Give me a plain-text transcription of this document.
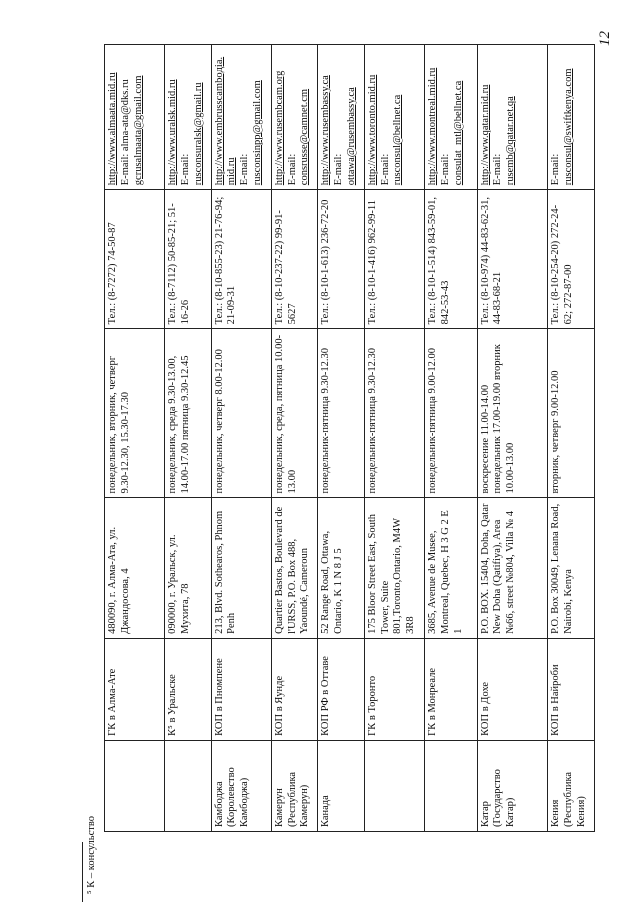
12
	ГК в Алма-Ате	480090, г. Алма-Ата, ул. Джандосова, 4	понедельник, вторник, четверг 9.30-12.30, 15.30-17.30	Тел.: (8-7272) 74-50-87	http://www.almaata.mid.ru E-mail: alma-ata@dks.ru gcrusalmaata@gmail.com

	К⁵ в Уральске	090000, г. Уральск, ул. Мухита, 78	понедельник, среда 9.30-13.00, 14.00-17.00 пятница 9.30-12.45	Тел.: (8-7112) 50-85-21; 51-16-26	http://www.uralsk.mid.ru E-mail: rusconsuralsk@gmail.ru

Камбоджа (Королевство Камбоджа)	КОП в Пномпене	213, Blvd. Sothearos, Phnom Penh	понедельник, четверг 8.00-12.00	Тел.: (8-10-855-23) 21-76-94; 21-09-31	http://www.embrusscamboдia.mid.ru E-mail: rusconsinpp@gmail.com

Камерун (Республика Камерун)	КОП в Яунде	Quartier Bastos, Boulevard de l'URSS, P.O. Box 488, Yaoundé, Cameroun	понедельник, среда, пятница 10.00-13.00	Тел.: (8-10-237-22) 99-91-5627	http://www.rusembcam.org E-mail: consrusse@camnet.cm

Канада	КОП РФ в Оттаве	52 Range Road, Ottawa, Ontario, K 1 N 8 J 5	понедельник-пятница 9.30-12.30	Тел.: (8-10-1-613) 236-72-20	http://www.rusembassy.ca E-mail: ottawa@rusembassy.ca

	ГК в Торонто	175 Bloor Street East, South Tower, Suite 801,Toronto,Ontario, M4W 3R8	понедельник-пятница 9.30-12.30	Тел.: (8-10-1-416) 962-99-11	http://www.toronto.mid.ru E-mail: rusconsul@bellnet.ca

	ГК в Монреале	3685, Avenue de Musee, Montreal, Quebec, H 3 G 2 E 1	понедельник-пятница 9.00-12.00	Тел.: (8-10-1-514) 843-59-01, 842-53-43	http://www.montreal.mid.ru E-mail: consulat_mtl@bellnet.ca

Катар (Государство Катар)	КОП в Дохе	P.O. BOX. 15404, Doha, Qatar New Doha (Qatifiya), Area №66, street №804, Villa № 4	воскресение 11.00-14.00 понедельник 17.00-19.00 вторник 10.00-13.00	Тел.: (8-10-974) 44-83-62-31, 44-83-68-21	http://www.qatar.mid.ru E-mail: rusemb@qatar.net.qa

Кения (Республика Кения)	КОП в Найроби	P.O. Box 30049, Lenana Road, Nairobi, Kenya	вторник, четверг 9.00-12.00	Тел.: (8-10-254-20) 272-24-62; 272-87-00	E-mail: rusconsul@swiftkenya.com
⁵ К – консульство
